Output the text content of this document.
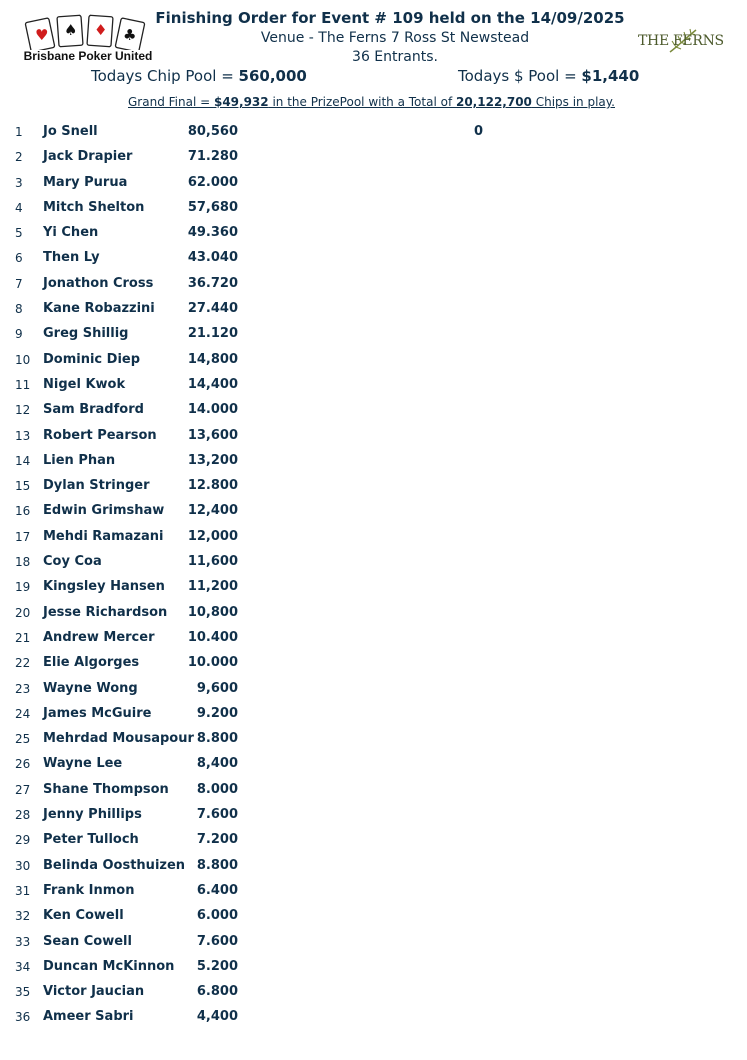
♥ ♠ ♦ ♣
Brisbane Poker United
THE FERNS
Finishing Order for Event # 109 held on the 14/09/2025
Venue - The Ferns 7 Ross St Newstead
36 Entrants.
Todays Chip Pool = 560,000	Todays $ Pool = $1,440
Grand Final = $49,932 in the PrizePool with a Total of 20,122,700 Chips in play.
1 Jo Snell	80,560
2 Jack Drapier	71.280
3 Mary Purua	62.000
4 Mitch Shelton	57,680
5 Yi Chen	49.360
6 Then Ly	43.040
7 Jonathon Cross	36.720
8 Kane Robazzini	27.440
9 Greg Shillig	21.120
10 Dominic Diep	14,800
11 Nigel Kwok	14,400
12 Sam Bradford	14.000
13 Robert Pearson	13,600
14 Lien Phan	13,200
15 Dylan Stringer	12.800
16 Edwin Grimshaw	12,400
17 Mehdi Ramazani	12,000
18 Coy Coa	11,600
19 Kingsley Hansen	11,200
20 Jesse Richardson	10,800
21 Andrew Mercer	10.400
22 Elie Algorges	10.000
23 Wayne Wong	9,600
24 James McGuire	9.200
25 Mehrdad Mousapour 8.800
26 Wayne Lee	8,400
27 Shane Thompson	8.000
28 Jenny Phillips	7.600
29 Peter Tulloch	7.200
30 Belinda Oosthuizen 8.800
31 Frank Inmon	6.400
32 Ken Cowell	6.000
33 Sean Cowell	7.600
34 Duncan McKinnon	5.200
35 Victor Jaucian	6.800
36 Ameer Sabri	4,400
0
